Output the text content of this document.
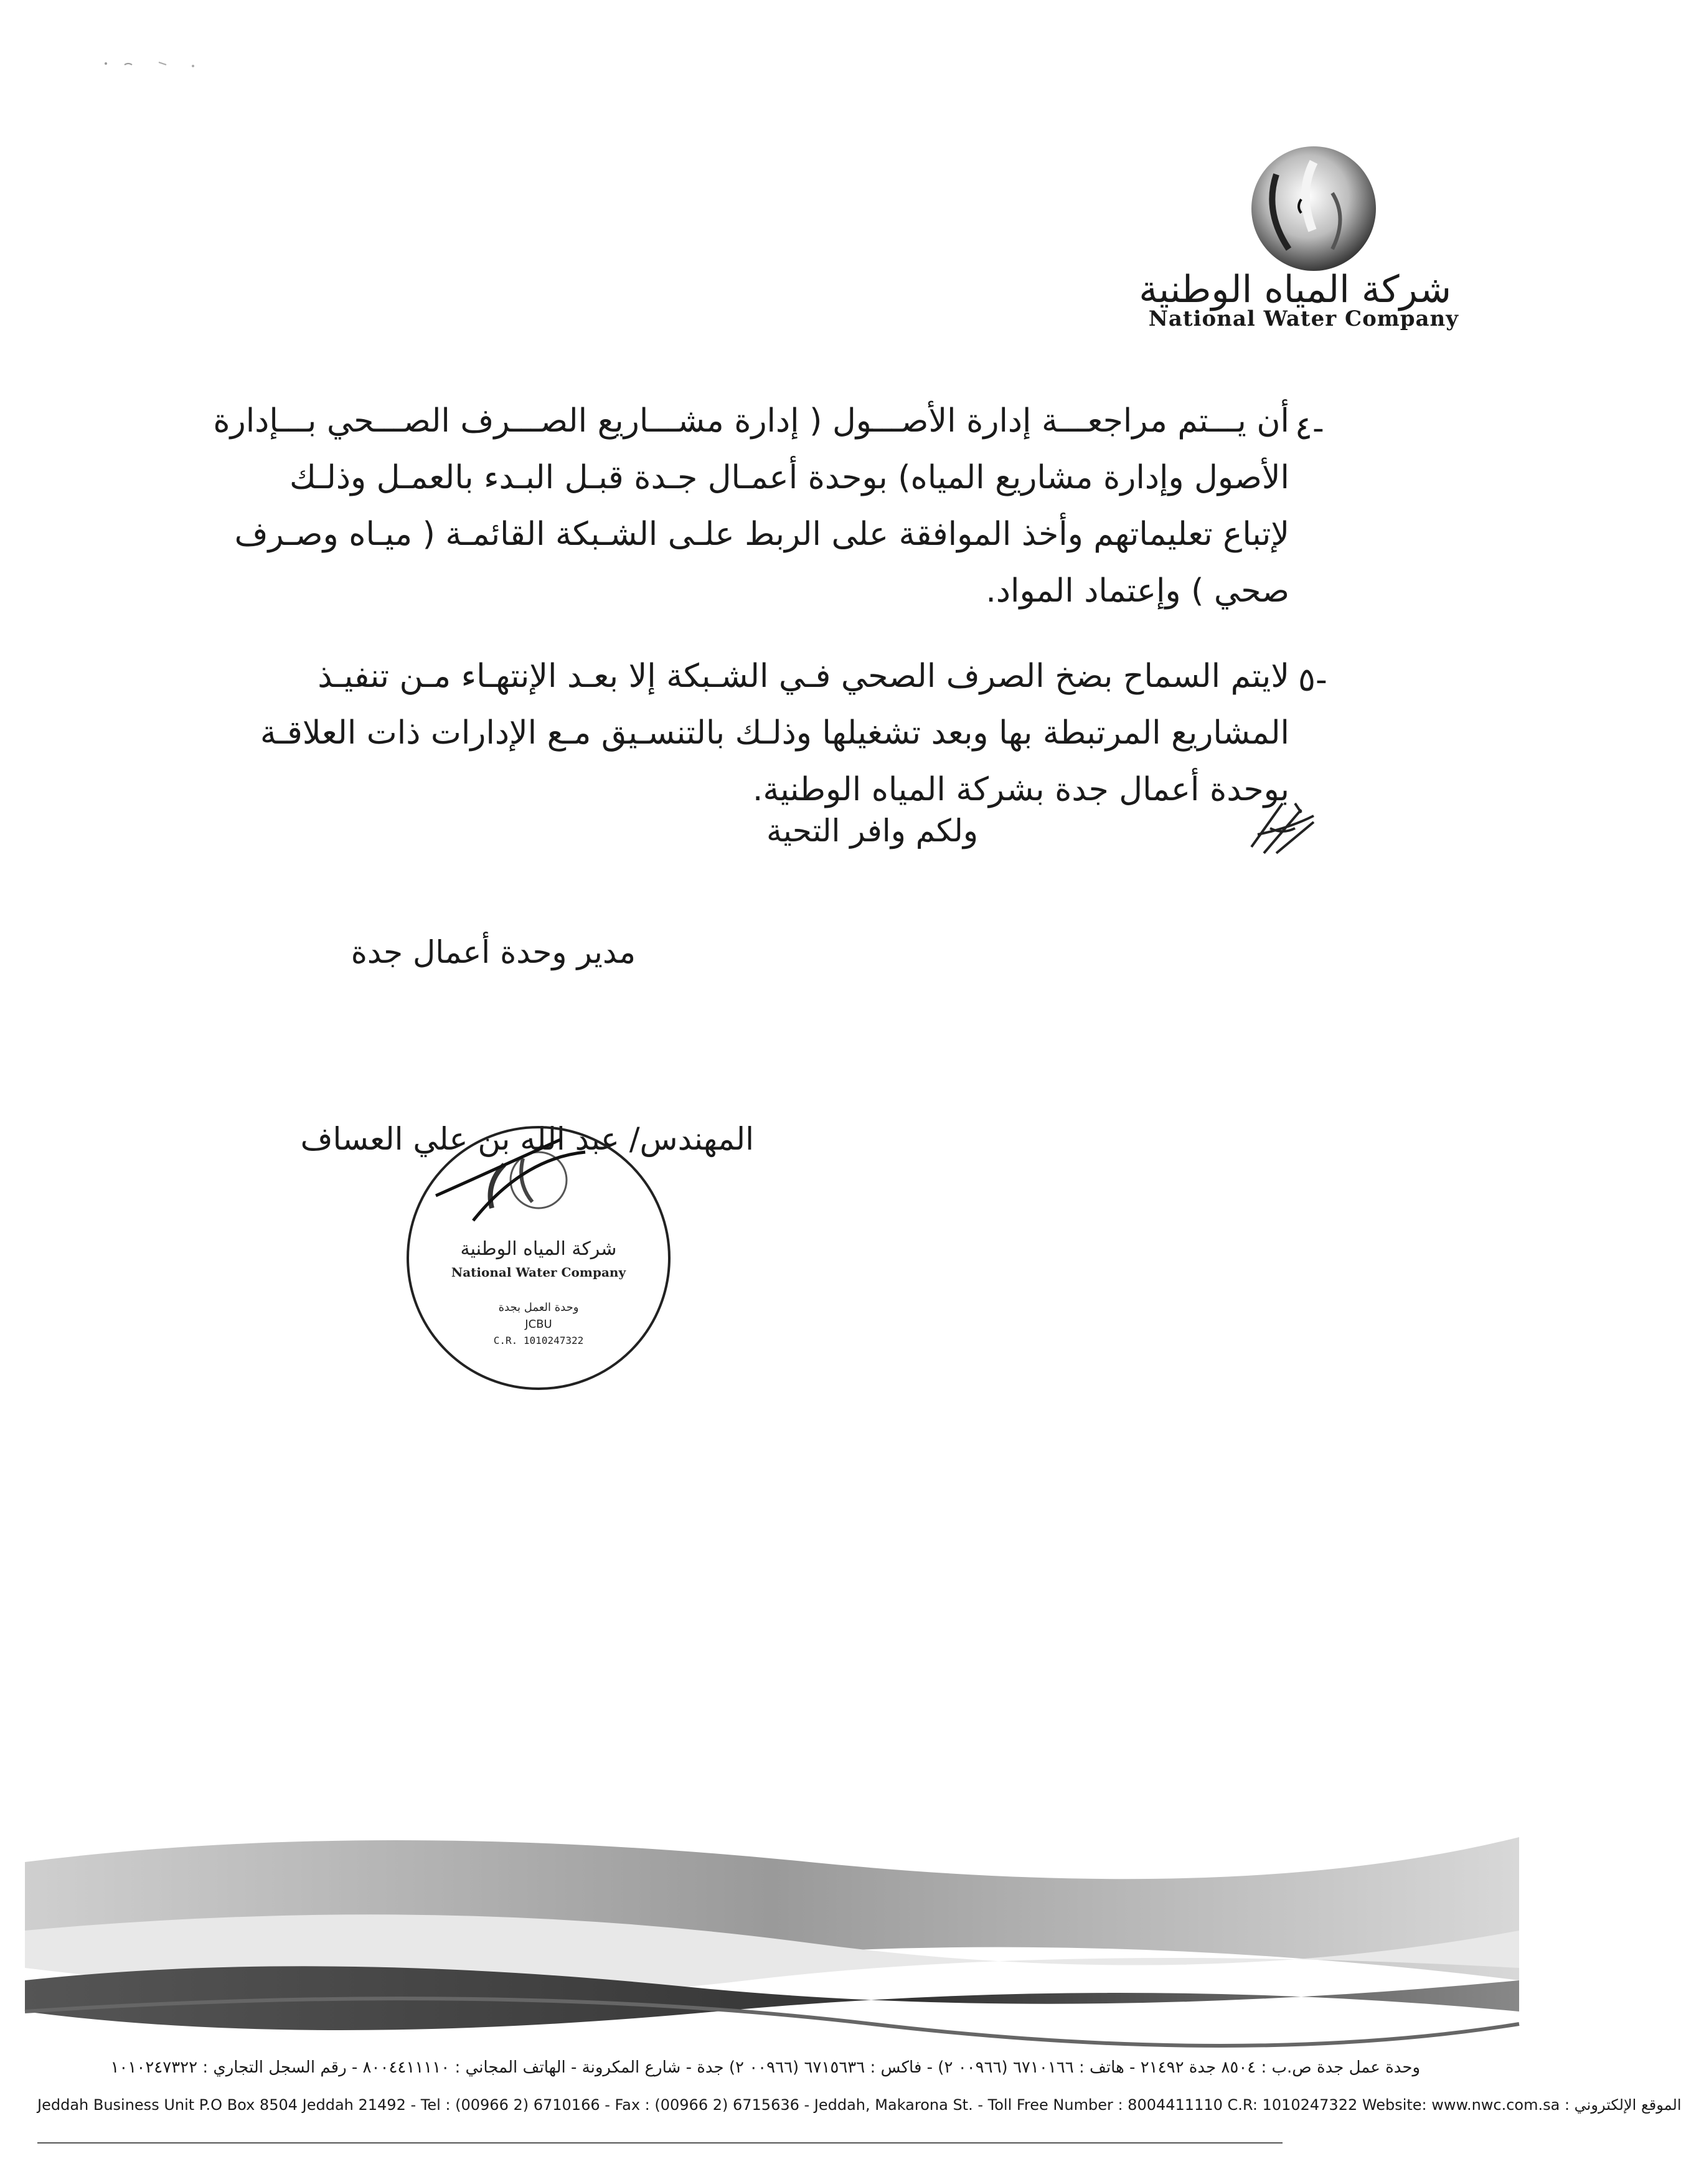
شركة المياه الوطنية
National Water Company
٤-
أن يـــتم مراجعـــة إدارة الأصـــول ( إدارة مشـــاريع الصـــرف الصـــحي بـــإدارة
الأصول وإدارة مشاريع المياه) بوحدة أعمـال جـدة قبـل البـدء بالعمـل وذلـك
لإتباع تعليماتهم وأخذ الموافقة على الربط علـى الشـبكة القائمـة ( ميـاه وصـرف
صحي ) وإعتماد المواد.
٥-
لايتم السماح بضخ الصرف الصحي فـي الشـبكة إلا بعـد الإنتهـاء مـن تنفيـذ
المشاريع المرتبطة بها وبعد تشغيلها وذلـك بالتنسـيق مـع الإدارات ذات العلاقـة
بوحدة أعمال جدة بشركة المياه الوطنية.
ولكم وافر التحية
مدير وحدة أعمال جدة
المهندس/ عبد الله بن علي العساف
شركة المياه الوطنية
National Water Company
وحدة العمل بجدة
JCBU
C.R. 1010247322
وحدة عمل جدة ص.ب : ٨٥٠٤ جدة ٢١٤٩٢ - هاتف : ٦٧١٠١٦٦ (٠٠٩٦٦ ٢) - فاكس : ٦٧١٥٦٣٦ (٠٠٩٦٦ ٢) جدة - شارع المكرونة - الهاتف المجاني : ٨٠٠٤٤١١١١٠ - رقم السجل التجاري : ١٠١٠٢٤٧٣٢٢
Jeddah Business Unit P.O Box 8504 Jeddah 21492 - Tel : (00966 2) 6710166 - Fax : (00966 2) 6715636 - Jeddah, Makarona St. - Toll Free Number : 8004411110 C.R: 1010247322 Website: www.nwc.com.sa : الموقع الإلكتروني
